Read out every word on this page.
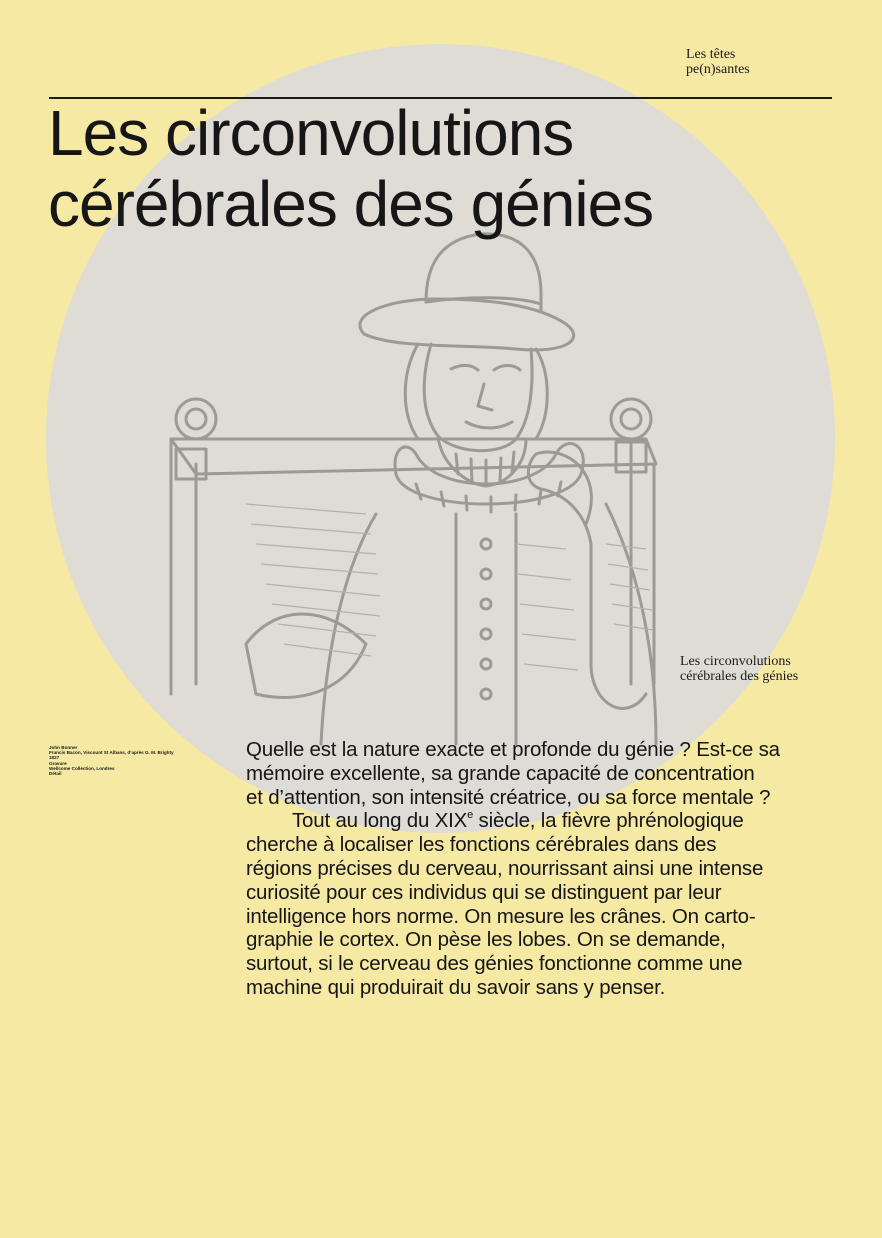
Les têtes
pe(n)santes
Les circonvolutions
cérébrales des génies
Les circonvolutions
cérébrales des génies
John Bonner
Francis Bacon, Viscount St Albans, d’après G. M. Brighty
1827
Gravure
Wellcome Collection, Londres
Détail

Quelle est la nature exacte et profonde du génie ? Est-ce sa
mémoire excellente, sa grande capacité de concentration
et d’attention, son intensité créatrice, ou sa force mentale ?

Tout au long du XIXe siècle, la fièvre phrénologique
cherche à localiser les fonctions cérébrales dans des
régions précises du cerveau, nourrissant ainsi une intense
curiosité pour ces individus qui se distinguent par leur
intelligence hors norme. On mesure les crânes. On carto-
graphie le cortex. On pèse les lobes. On se demande,
surtout, si le cerveau des génies fonctionne comme une
machine qui produirait du savoir sans y penser.
